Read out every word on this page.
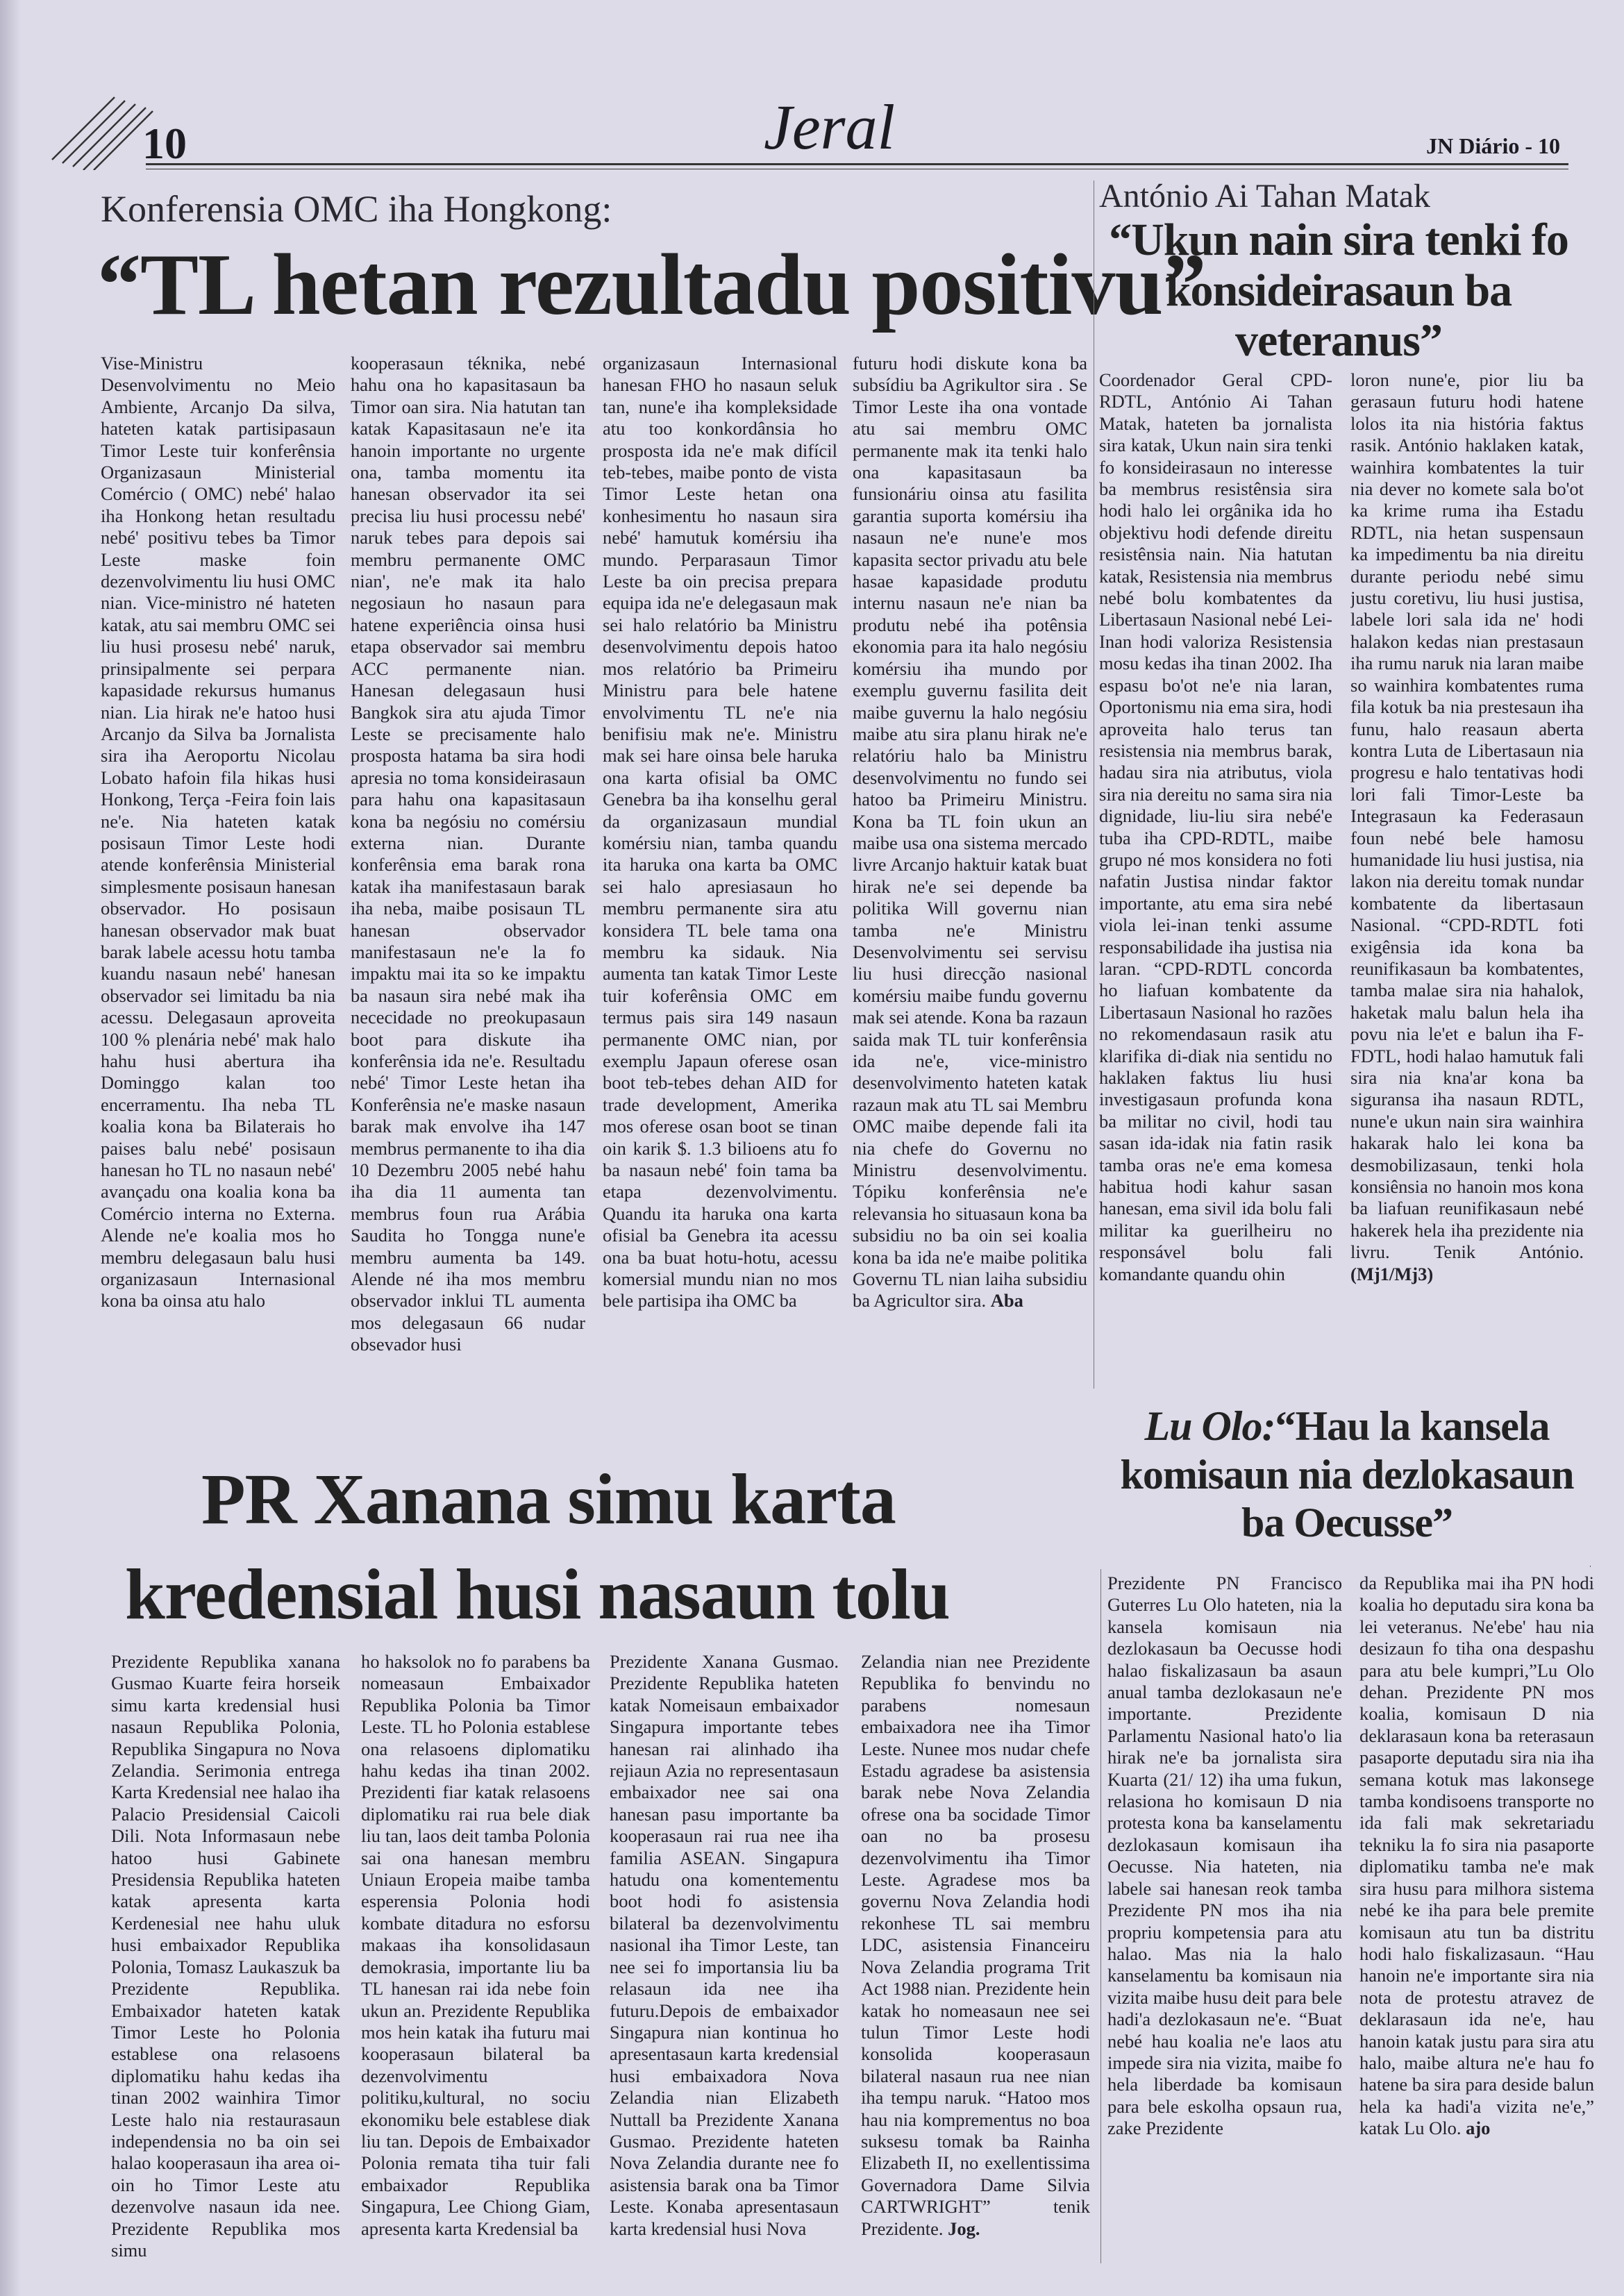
10	Jeral	JN Diário - 10
Konferensia OMC iha Hongkong:
“TL hetan rezultadu positivu”
Vise-Ministru Desenvolvimentu no Meio Ambiente, Arcanjo Da silva, hateten katak partisipasaun Timor Leste tuir konferênsia Organizasaun Ministerial Comércio ( OMC) nebé' halao iha Honkong hetan resultadu nebé' positivu tebes ba Timor Leste maske foin dezenvolvimentu liu husi OMC nian. Vice-ministro né hateten katak, atu sai membru OMC sei liu husi prosesu nebé' naruk, prinsipalmente sei perpara kapasidade rekursus humanus nian. Lia hirak ne'e hatoo husi Arcanjo da Silva ba Jornalista sira iha Aeroportu Nicolau Lobato hafoin fila hikas husi Honkong, Terça -Feira foin lais ne'e. Nia hateten katak posisaun Timor Leste hodi atende konferênsia Ministerial simplesmente posisaun hanesan observador. Ho posisaun hanesan observador mak buat barak labele acessu hotu tamba kuandu nasaun nebé' hanesan observador sei limitadu ba nia acessu. Delegasaun aproveita 100 % plenária nebé' mak halo hahu husi abertura iha Dominggo kalan too encerramentu. Iha neba TL koalia kona ba Bilaterais ho paises balu nebé' posisaun hanesan ho TL no nasaun nebé' avançadu ona koalia kona ba Comércio interna no Externa. Alende ne'e koalia mos ho membru delegasaun balu husi organizasaun Internasional kona ba oinsa atu halo
kooperasaun téknika, nebé hahu ona ho kapasitasaun ba Timor oan sira. Nia hatutan tan katak Kapasitasaun ne'e ita hanoin importante no urgente ona, tamba momentu ita hanesan observador ita sei precisa liu husi processu nebé' naruk tebes para depois sai membru permanente OMC nian', ne'e mak ita halo negosiaun ho nasaun para hatene experiência oinsa husi etapa observador sai membru ACC permanente nian. Hanesan delegasaun husi Bangkok sira atu ajuda Timor Leste se precisamente halo prosposta hatama ba sira hodi apresia no toma konsideirasaun para hahu ona kapasitasaun kona ba negósiu no comérsiu externa nian. Durante konferênsia ema barak rona katak iha manifestasaun barak iha neba, maibe posisaun TL hanesan observador manifestasaun ne'e la fo impaktu mai ita so ke impaktu ba nasaun sira nebé mak iha nececidade no preokupasaun boot para diskute iha konferênsia ida ne'e. Resultadu nebé' Timor Leste hetan iha Konferênsia ne'e maske nasaun barak mak envolve iha 147 membrus permanente to iha dia 10 Dezembru 2005 nebé hahu iha dia 11 aumenta tan membrus foun rua Arábia Saudita ho Tongga nune'e membru aumenta ba 149. Alende né iha mos membru observador inklui TL aumenta mos delegasaun 66 nudar obsevador husi
organizasaun Internasional hanesan FHO ho nasaun seluk tan, nune'e iha kompleksidade atu too konkordânsia ho prosposta ida ne'e mak difícil teb-tebes, maibe ponto de vista Timor Leste hetan ona konhesimentu ho nasaun sira nebé' hamutuk komérsiu iha mundo. Perparasaun Timor Leste ba oin precisa prepara equipa ida ne'e delegasaun mak sei halo relatório ba Ministru desenvolvimentu depois hatoo mos relatório ba Primeiru Ministru para bele hatene envolvimentu TL ne'e nia benifisiu mak ne'e. Ministru mak sei hare oinsa bele haruka ona karta ofisial ba OMC Genebra ba iha konselhu geral da organizasaun mundial komérsiu nian, tamba quandu ita haruka ona karta ba OMC sei halo apresiasaun ho membru permanente sira atu konsidera TL bele tama ona membru ka sidauk. Nia aumenta tan katak Timor Leste tuir koferênsia OMC em termus pais sira 149 nasaun permanente OMC nian, por exemplu Japaun oferese osan boot teb-tebes dehan AID for trade development, Amerika mos oferese osan boot se tinan oin karik $. 1.3 bilioens atu fo ba nasaun nebé' foin tama ba etapa dezenvolvimentu. Quandu ita haruka ona karta ofisial ba Genebra ita acessu ona ba buat hotu-hotu, acessu komersial mundu nian no mos bele partisipa iha OMC ba
futuru hodi diskute kona ba subsídiu ba Agrikultor sira . Se Timor Leste iha ona vontade atu sai membru OMC permanente mak ita tenki halo ona kapasitasaun ba funsionáriu oinsa atu fasilita garantia suporta komérsiu iha nasaun ne'e nune'e mos kapasita sector privadu atu bele hasae kapasidade produtu internu nasaun ne'e nian ba produtu nebé iha potênsia ekonomia para ita halo negósiu komérsiu iha mundo por exemplu guvernu fasilita deit maibe guvernu la halo negósiu maibe atu sira planu hirak ne'e relatóriu halo ba Ministru desenvolvimentu no fundo sei hatoo ba Primeiru Ministru. Kona ba TL foin ukun an maibe usa ona sistema mercado livre Arcanjo haktuir katak buat hirak ne'e sei depende ba politika Will governu nian tamba ne'e Ministru Desenvolvimentu sei servisu liu husi direcção nasional komérsiu maibe fundu governu mak sei atende. Kona ba razaun saida mak TL tuir konferênsia ida ne'e, vice-ministro desenvolvimento hateten katak razaun mak atu TL sai Membru OMC maibe depende fali ita nia chefe do Governu no Ministru desenvolvimentu. Tópiku konferênsia ne'e relevansia ho situasaun kona ba subsidiu no ba oin sei koalia kona ba ida ne'e maibe politika Governu TL nian laiha subsidiu ba Agricultor sira. Aba
António Ai Tahan Matak
“Ukun nain sira tenki fo konsideirasaun ba veteranus”
Coordenador Geral CPD-RDTL, António Ai Tahan Matak, hateten ba jornalista sira katak, Ukun nain sira tenki fo konsideirasaun no interesse ba membrus resistênsia sira hodi halo lei orgânika ida ho objektivu hodi defende direitu resistênsia nain. Nia hatutan katak, Resistensia nia membrus nebé bolu kombatentes da Libertasaun Nasional nebé Lei-Inan hodi valoriza Resistensia mosu kedas iha tinan 2002. Iha espasu bo'ot ne'e nia laran, Oportonismu nia ema sira, hodi aproveita halo terus tan resistensia nia membrus barak, hadau sira nia atributus, viola sira nia dereitu no sama sira nia dignidade, liu-liu sira nebé'e tuba iha CPD-RDTL, maibe grupo né mos konsidera no foti nafatin Justisa nindar faktor importante, atu ema sira nebé viola lei-inan tenki assume responsabilidade iha justisa nia laran. “CPD-RDTL concorda ho liafuan kombatente da Libertasaun Nasional ho razões no rekomendasaun rasik atu klarifika di-diak nia sentidu no haklaken faktus liu husi investigasaun profunda kona ba militar no civil, hodi tau sasan ida-idak nia fatin rasik tamba oras ne'e ema komesa habitua hodi kahur sasan hanesan, ema sivil ida bolu fali militar ka guerilheiru no responsável bolu fali komandante quandu ohin
loron nune'e, pior liu ba gerasaun futuru hodi hatene lolos ita nia história faktus rasik. António haklaken katak, wainhira kombatentes la tuir nia dever no komete sala bo'ot ka krime ruma iha Estadu RDTL, nia hetan suspensaun ka impedimentu ba nia direitu durante periodu nebé simu justu coretivu, liu husi justisa, labele lori sala ida ne' hodi halakon kedas nian prestasaun iha rumu naruk nia laran maibe so wainhira kombatentes ruma fila kotuk ba nia prestesaun iha funu, halo reasaun aberta kontra Luta de Libertasaun nia progresu e halo tentativas hodi lori fali Timor-Leste ba Integrasaun ka Federasaun foun nebé bele hamosu humanidade liu husi justisa, nia lakon nia dereitu tomak nundar kombatente da libertasaun Nasional. “CPD-RDTL foti exigênsia ida kona ba reunifikasaun ba kombatentes, tamba malae sira nia hahalok, haketak malu balun hela iha povu nia le'et e balun iha F-FDTL, hodi halao hamutuk fali sira nia kna'ar kona ba siguransa iha nasaun RDTL, nune'e ukun nain sira wainhira hakarak halo lei kona ba desmobilizasaun, tenki hola konsiênsia no hanoin mos kona ba liafuan reunifikasaun nebé hakerek hela iha prezidente nia livru. Tenik António. (Mj1/Mj3)
Lu Olo:“Hau la kansela komisaun nia dezlokasaun ba Oecusse”
Prezidente PN Francisco Guterres Lu Olo hateten, nia la kansela komisaun nia dezlokasaun ba Oecusse hodi halao fiskalizasaun ba asaun anual tamba dezlokasaun ne'e importante. Prezidente Parlamentu Nasional hato'o lia hirak ne'e ba jornalista sira Kuarta (21/ 12) iha uma fukun, relasiona ho komisaun D nia protesta kona ba kanselamentu dezlokasaun komisaun iha Oecusse. Nia hateten, nia labele sai hanesan reok tamba Prezidente PN mos iha nia propriu kompetensia para atu halao. Mas nia la halo kanselamentu ba komisaun nia vizita maibe husu deit para bele hadi'a dezlokasaun ne'e. “Buat nebé hau koalia ne'e laos atu impede sira nia vizita, maibe fo hela liberdade ba komisaun para bele eskolha opsaun rua, zake Prezidente
da Republika mai iha PN hodi koalia ho deputadu sira kona ba lei veteranus. Ne'ebe' hau nia desizaun fo tiha ona despashu para atu bele kumpri,”Lu Olo dehan. Prezidente PN mos koalia, komisaun D nia deklarasaun kona ba reterasaun pasaporte deputadu sira nia iha semana kotuk mas lakonsege tamba kondisoens transporte no ida fali mak sekretariadu tekniku la fo sira nia pasaporte diplomatiku tamba ne'e mak sira husu para milhora sistema nebé ke iha para bele premite komisaun atu tun ba distritu hodi halo fiskalizasaun. “Hau hanoin ne'e importante sira nia nota de protestu atravez de deklarasaun ida ne'e, hau hanoin katak justu para sira atu halo, maibe altura ne'e hau fo hatene ba sira para deside balun hela ka hadi'a vizita ne'e,” katak Lu Olo. ajo
PR Xanana simu karta
kredensial husi nasaun tolu
Prezidente Republika xanana Gusmao Kuarte feira horseik simu karta kredensial husi nasaun Republika Polonia, Republika Singapura no Nova Zelandia. Serimonia entrega Karta Kredensial nee halao iha Palacio Presidensial Caicoli Dili. Nota Informasaun nebe hatoo husi Gabinete Presidensia Republika hateten katak apresenta karta Kerdenesial nee hahu uluk husi embaixador Republika Polonia, Tomasz Laukaszuk ba Prezidente Republika. Embaixador hateten katak Timor Leste ho Polonia establese ona relasoens diplomatiku hahu kedas iha tinan 2002 wainhira Timor Leste halo nia restaurasaun independensia no ba oin sei halao kooperasaun iha area oi-oin ho Timor Leste atu dezenvolve nasaun ida nee. Prezidente Republika mos simu
ho haksolok no fo parabens ba nomeasaun Embaixador Republika Polonia ba Timor Leste. TL ho Polonia establese ona relasoens diplomatiku hahu kedas iha tinan 2002. Prezidenti fiar katak relasoens diplomatiku rai rua bele diak liu tan, laos deit tamba Polonia sai ona hanesan membru Uniaun Eropeia maibe tamba esperensia Polonia hodi kombate ditadura no esforsu makaas iha konsolidasaun demokrasia, importante liu ba TL hanesan rai ida nebe foin ukun an. Prezidente Republika mos hein katak iha futuru mai kooperasaun bilateral ba dezenvolvimentu politiku,kultural, no sociu ekonomiku bele establese diak liu tan. Depois de Embaixador Polonia remata tiha tuir fali embaixador Republika Singapura, Lee Chiong Giam, apresenta karta Kredensial ba
Prezidente Xanana Gusmao. Prezidente Republika hateten katak Nomeisaun embaixador Singapura importante tebes hanesan rai alinhado iha rejiaun Azia no representasaun embaixador nee sai ona hanesan pasu importante ba kooperasaun rai rua nee iha familia ASEAN. Singapura hatudu ona komentementu boot hodi fo asistensia bilateral ba dezenvolvimentu nasional iha Timor Leste, tan nee sei fo importansia liu ba relasaun ida nee iha futuru.Depois de embaixador Singapura nian kontinua ho apresentasaun karta kredensial husi embaixadora Nova Zelandia nian Elizabeth Nuttall ba Prezidente Xanana Gusmao. Prezidente hateten Nova Zelandia durante nee fo asistensia barak ona ba Timor Leste. Konaba apresentasaun karta kredensial husi Nova
Zelandia nian nee Prezidente Republika fo benvindu no parabens nomesaun embaixadora nee iha Timor Leste. Nunee mos nudar chefe Estadu agradese ba asistensia barak nebe Nova Zelandia ofrese ona ba socidade Timor oan no ba prosesu dezenvolvimentu iha Timor Leste. Agradese mos ba governu Nova Zelandia hodi rekonhese TL sai membru LDC, asistensia Financeiru Nova Zelandia programa Trit Act 1988 nian. Prezidente hein katak ho nomeasaun nee sei tulun Timor Leste hodi konsolida kooperasaun bilateral nasaun rua nee nian iha tempu naruk. “Hatoo mos hau nia komprementus no boa suksesu tomak ba Rainha Elizabeth II, no exellentissima Governadora Dame Silvia CARTWRIGHT” tenik Prezidente. Jog.
